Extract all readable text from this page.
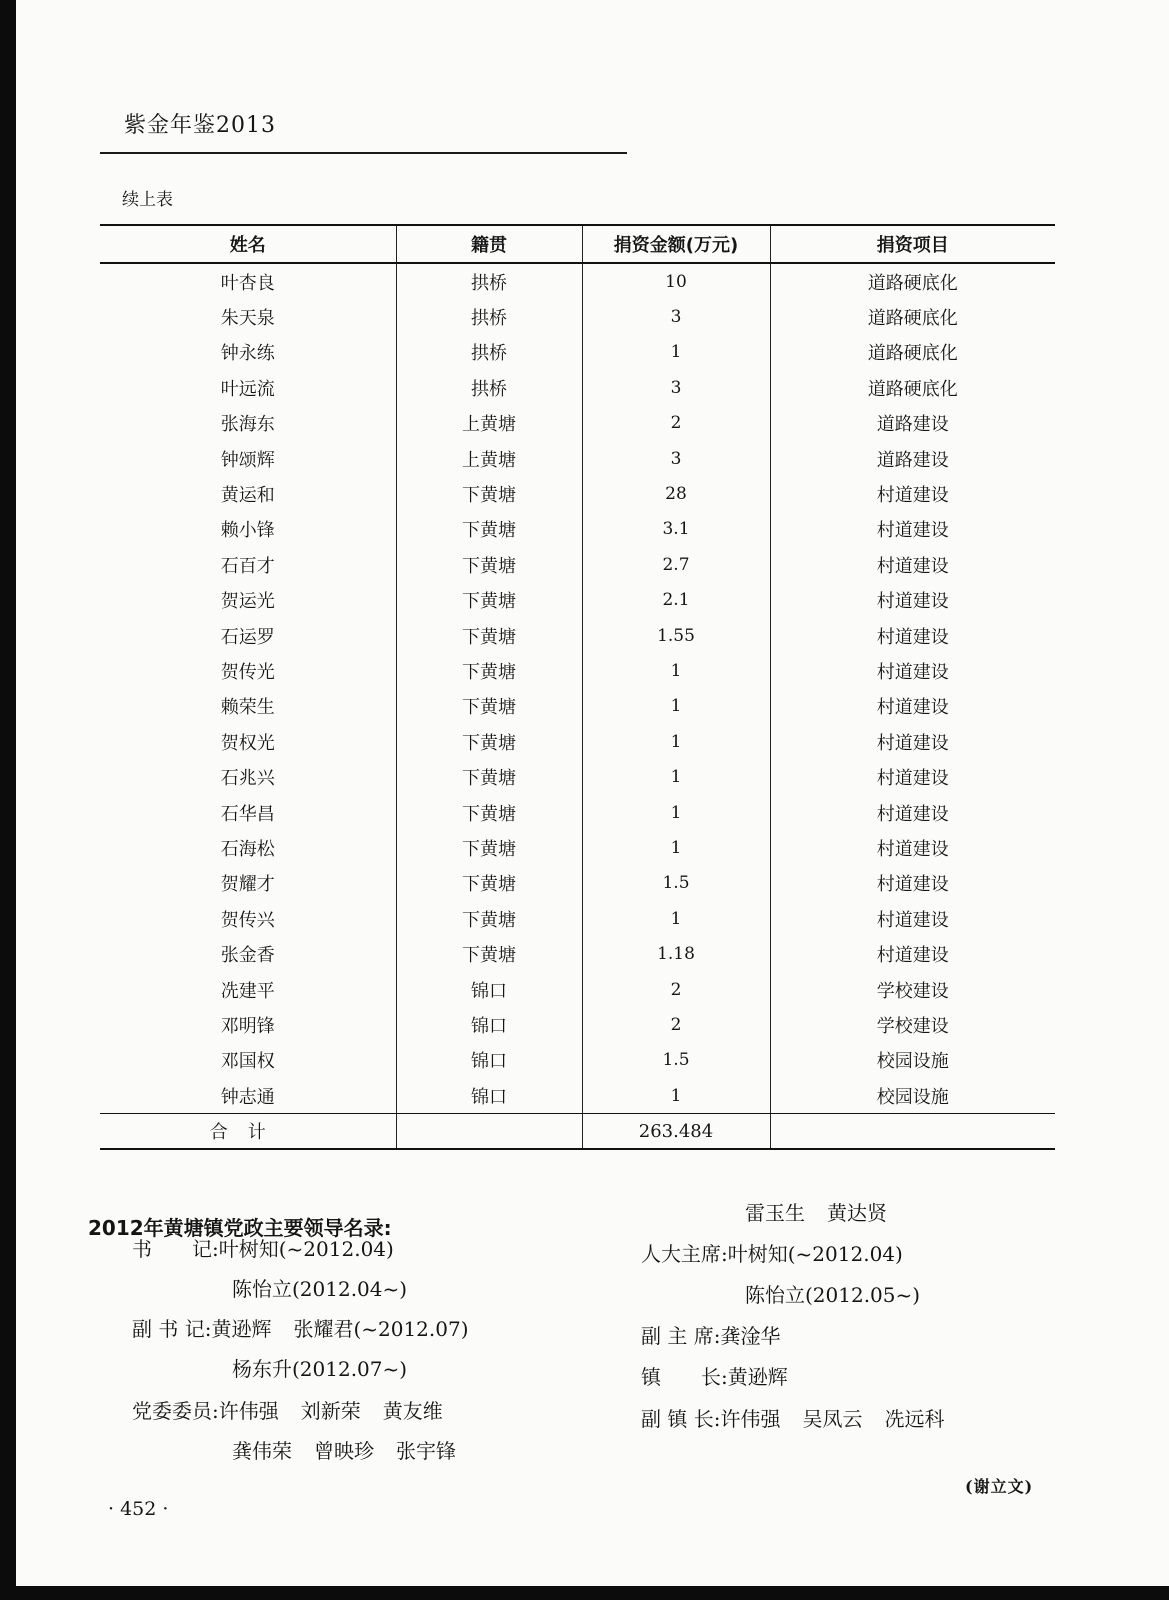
紫金年鉴2013
续上表
姓名	籍贯	捐资金额(万元)	捐资项目
叶杏良	拱桥	10	道路硬底化
朱天泉	拱桥	3	道路硬底化
钟永练	拱桥	1	道路硬底化
叶远流	拱桥	3	道路硬底化
张海东	上黄塘	2	道路建设
钟颂辉	上黄塘	3	道路建设
黄运和	下黄塘	28	村道建设
赖小锋	下黄塘	3.1	村道建设
石百才	下黄塘	2.7	村道建设
贺运光	下黄塘	2.1	村道建设
石运罗	下黄塘	1.55	村道建设
贺传光	下黄塘	1	村道建设
赖荣生	下黄塘	1	村道建设
贺权光	下黄塘	1	村道建设
石兆兴	下黄塘	1	村道建设
石华昌	下黄塘	1	村道建设
石海松	下黄塘	1	村道建设
贺耀才	下黄塘	1.5	村道建设
贺传兴	下黄塘	1	村道建设
张金香	下黄塘	1.18	村道建设
冼建平	锦口	2	学校建设
邓明锋	锦口	2	学校建设
邓国权	锦口	1.5	校园设施
钟志通	锦口	1	校园设施
合计		263.484	
2012年黄塘镇党政主要领导名录:
书　　记:叶树知(~2012.04)
陈怡立(2012.04~)
副 书 记:黄逊辉 张耀君(~2012.07)
杨东升(2012.07~)
党委委员:许伟强 刘新荣 黄友维
龚伟荣 曾映珍 张宇锋
雷玉生 黄达贤
人大主席:叶树知(~2012.04)
陈怡立(2012.05~)
副 主 席:龚淦华
镇　　长:黄逊辉
副 镇 长:许伟强 吴凤云 冼远科
(谢立文)
· 452 ·
